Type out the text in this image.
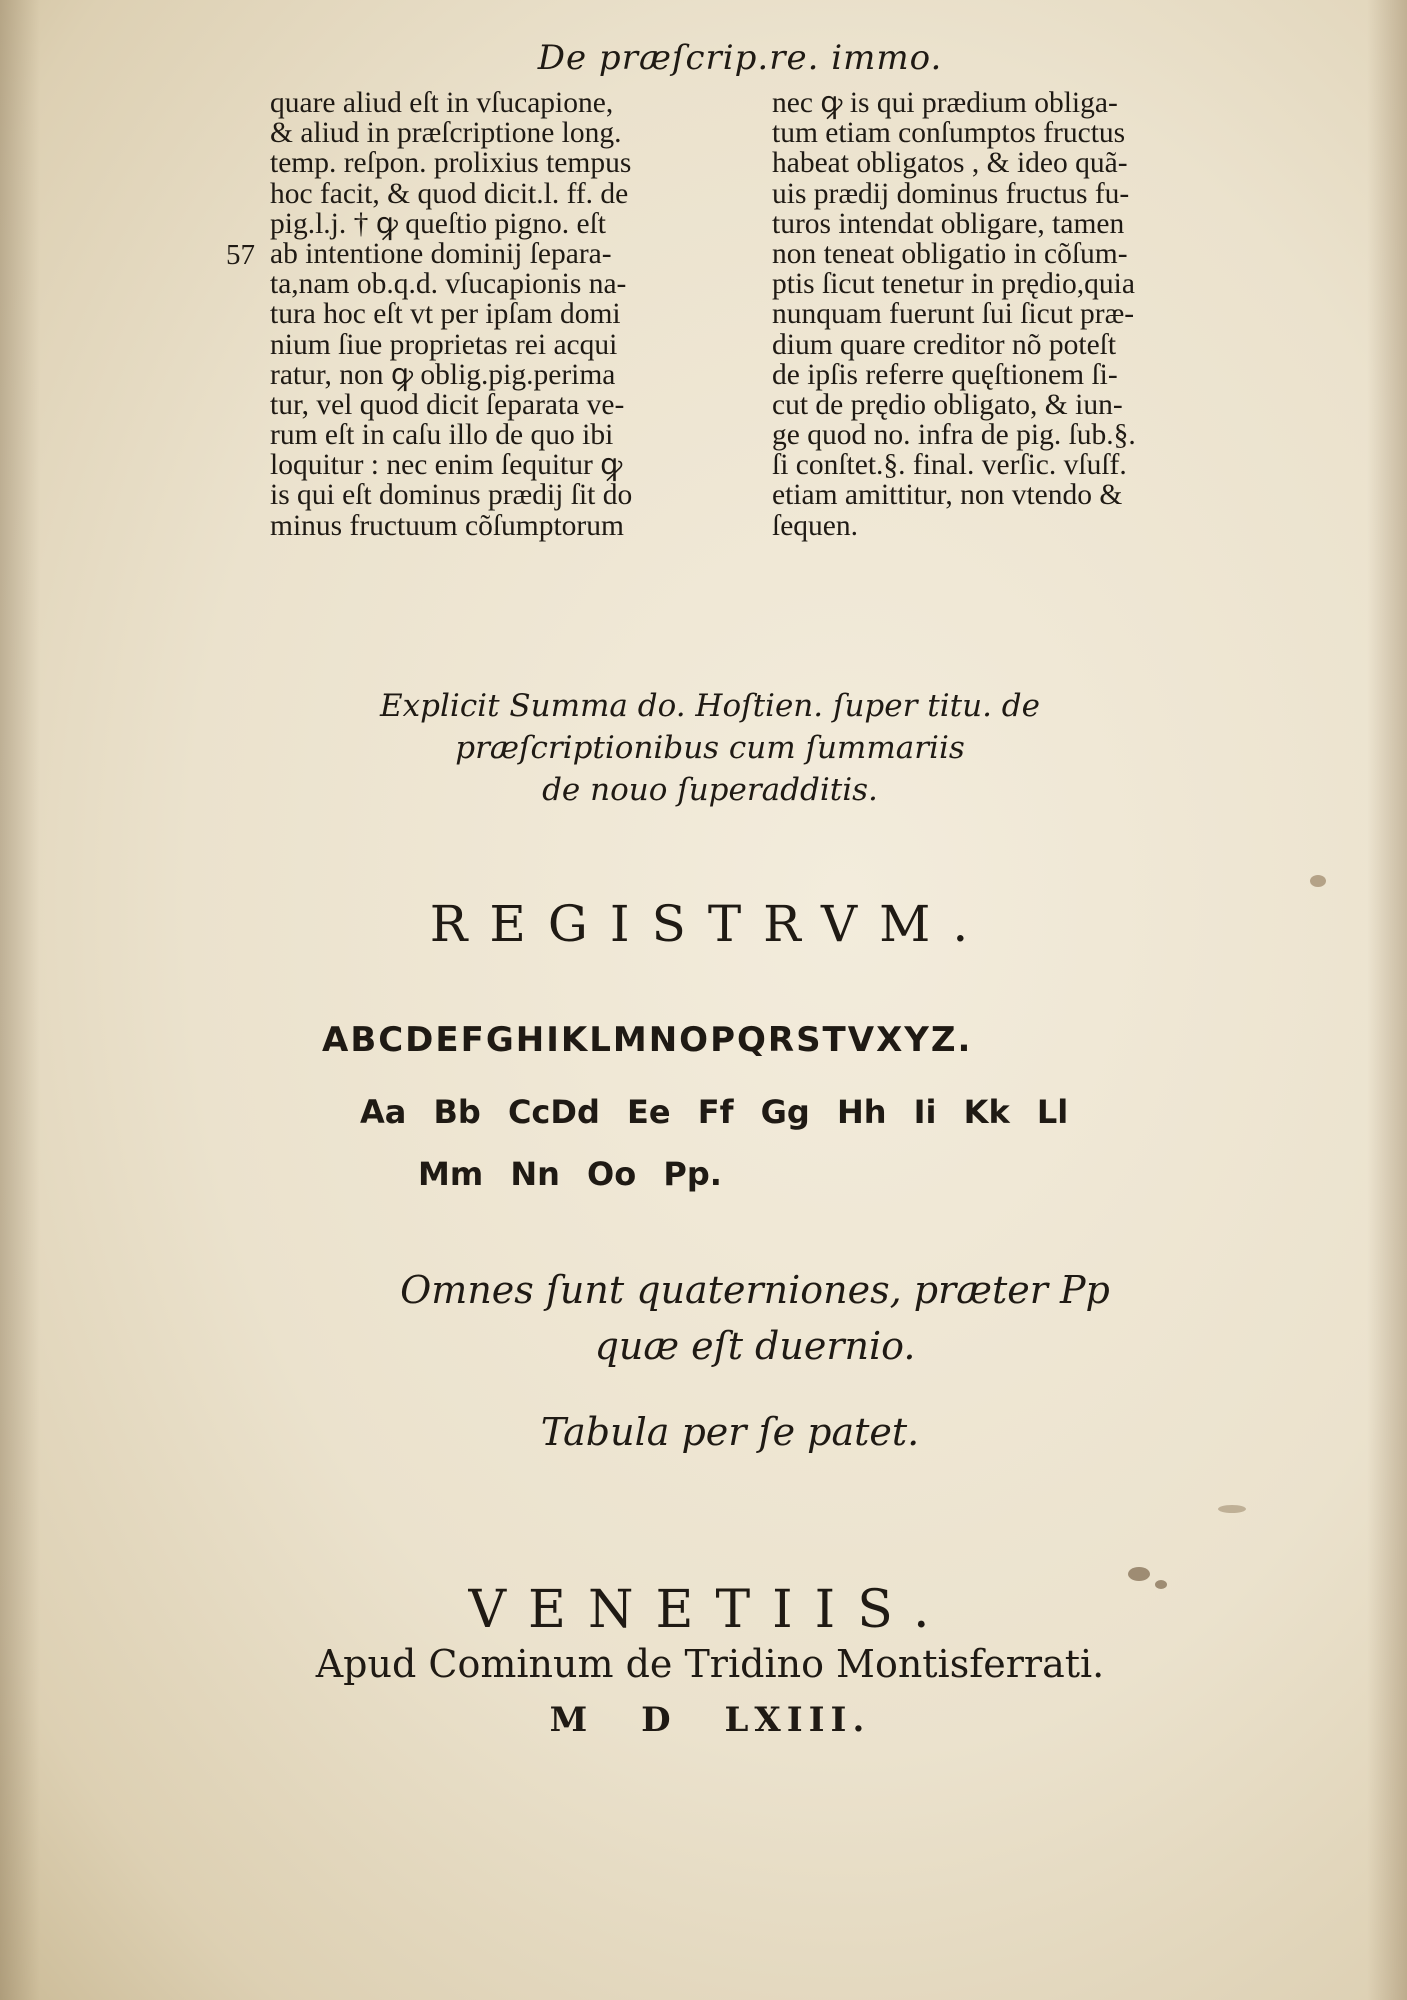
De præſcrip.re. immo.
57
quare aliud eſt in vſucapione,
& aliud in præſcriptione long.
temp. reſpon. prolixius tempus
hoc facit, & quod dicit.l. ff. de
pig.l.j. † ꝙ queſtio pigno. eſt
ab intentione dominij ſepara-
ta,nam ob.q.d. vſucapionis na-
tura hoc eſt vt per ipſam domi
nium ſiue proprietas rei acqui
ratur, non ꝙ oblig.pig.perima
tur, vel quod dicit ſeparata ve-
rum eſt in caſu illo de quo ibi
loquitur : nec enim ſequitur ꝙ
is qui eſt dominus prædij ſit do
minus fructuum cõſumptorum
nec ꝙ is qui prædium obliga-
tum etiam conſumptos fructus
habeat obligatos , & ideo quã-
uis prædij dominus fructus fu-
turos intendat obligare, tamen
non teneat obligatio in cõſum-
ptis ſicut tenetur in prędio,quia
nunquam fuerunt ſui ſicut præ-
dium quare creditor nõ poteſt
de ipſis referre quęſtionem ſi-
cut de prędio obligato, & iun-
ge quod no. infra de pig. ſub.§.
ſi conſtet.§. final. verſic. vſuſf.
etiam amittitur, non vtendo &
ſequen.
Explicit Summa do. Hoſtien. ſuper titu. de
præſcriptionibus cum ſummariis
de nouo ſuperadditis.
REGISTRVM.
ABCDEFGHIKLMNOPQRSTVXYZ.
Aa Bb CcDd Ee Ff Gg Hh Ii Kk Ll
Mm Nn Oo Pp.
Omnes ſunt quaterniones, præter Pp
quæ eſt duernio.
Tabula per ſe patet.
VENETIIS.
Apud Cominum de Tridino Montisferrati.
M D LXIII.
